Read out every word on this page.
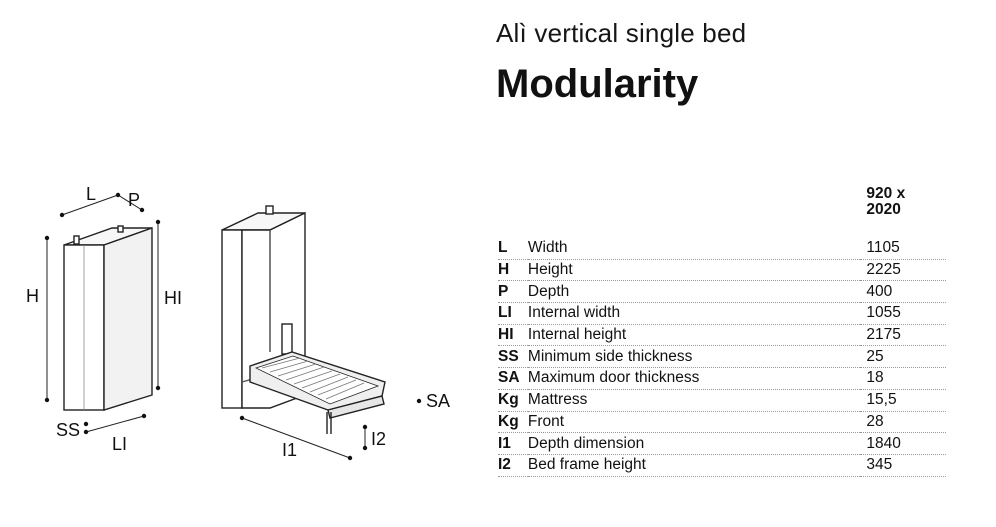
Alì vertical single bed
Modularity
L P
H	HI
SS
LI	I1
I2
SA

		920 x
2020

L	Width	1105
H	Height	2225
P	Depth	400
LI	Internal width	1055
HI	Internal height	2175
SS	Minimum side thickness	25
SA	Maximum door thickness	18
Kg	Mattress	15,5
Kg	Front	28
I1	Depth dimension	1840
I2	Bed frame height	345
